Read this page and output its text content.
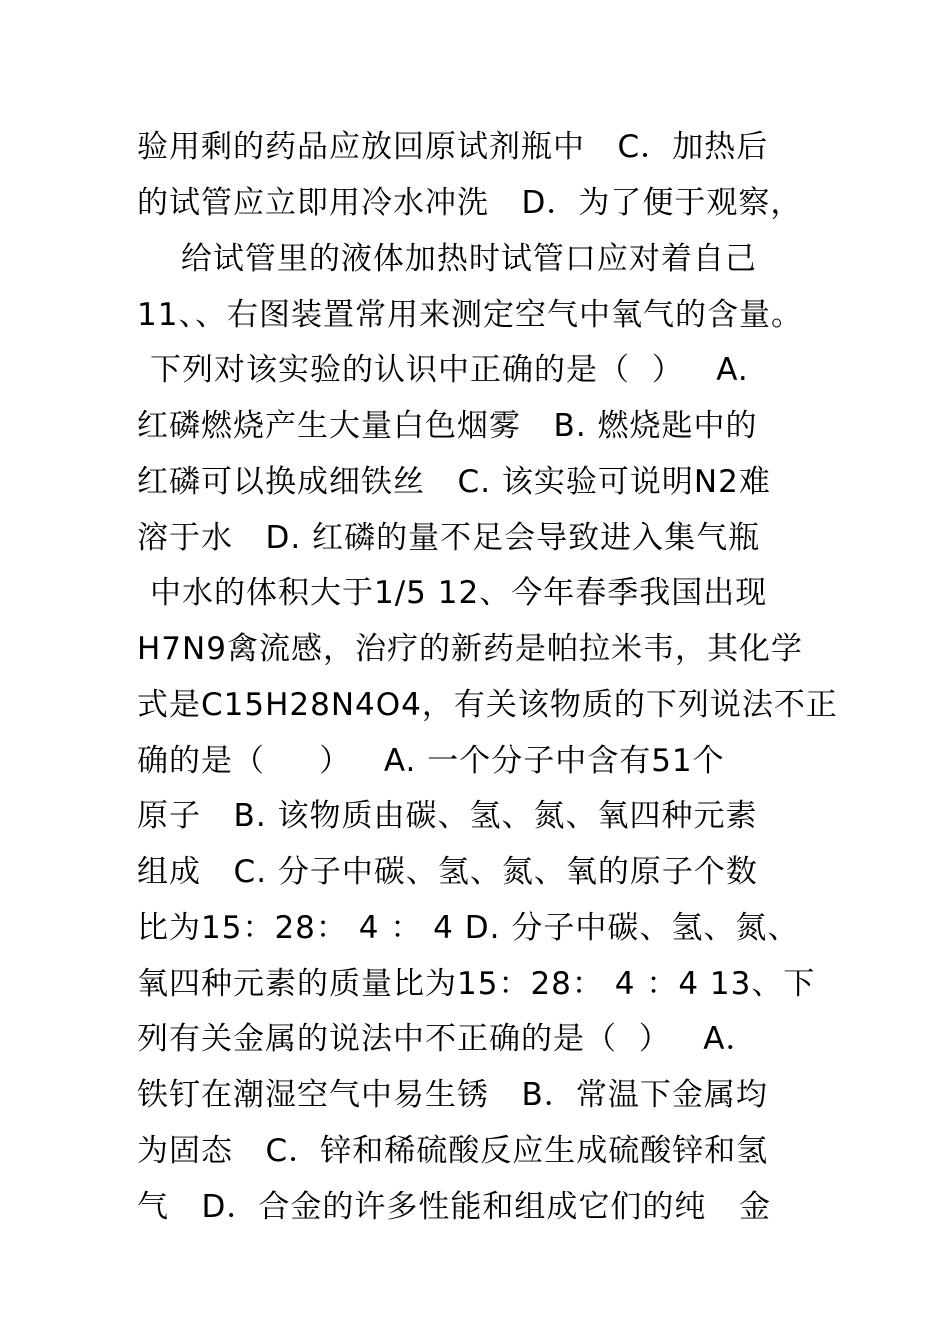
验用剩的药品应放回原试剂瓶中   C．加热后
的试管应立即用冷水冲洗   D．为了便于观察，
给试管里的液体加热时试管口应对着自己
11、、右图装置常用来测定空气中氧气的含量。
下列对该实验的认识中正确的是（  ）   A.
红磷燃烧产生大量白色烟雾   B. 燃烧匙中的
红磷可以换成细铁丝   C. 该实验可说明N2难
溶于水   D. 红磷的量不足会导致进入集气瓶
中水的体积大于1/5 12、今年春季我国出现
H7N9禽流感，治疗的新药是帕拉米韦，其化学
式是C15H28N4O4，有关该物质的下列说法不正
确的是（     ）   A. 一个分子中含有51个
原子   B. 该物质由碳、氢、氮、氧四种元素
组成   C. 分子中碳、氢、氮、氧的原子个数
比为15：28： 4 ： 4 D. 分子中碳、氢、氮、
氧四种元素的质量比为15：28： 4 ：4 13、下
列有关金属的说法中不正确的是（  ）   A．
铁钉在潮湿空气中易生锈   B．常温下金属均
为固态   C．锌和稀硫酸反应生成硫酸锌和氢
气   D．合金的许多性能和组成它们的纯   金
